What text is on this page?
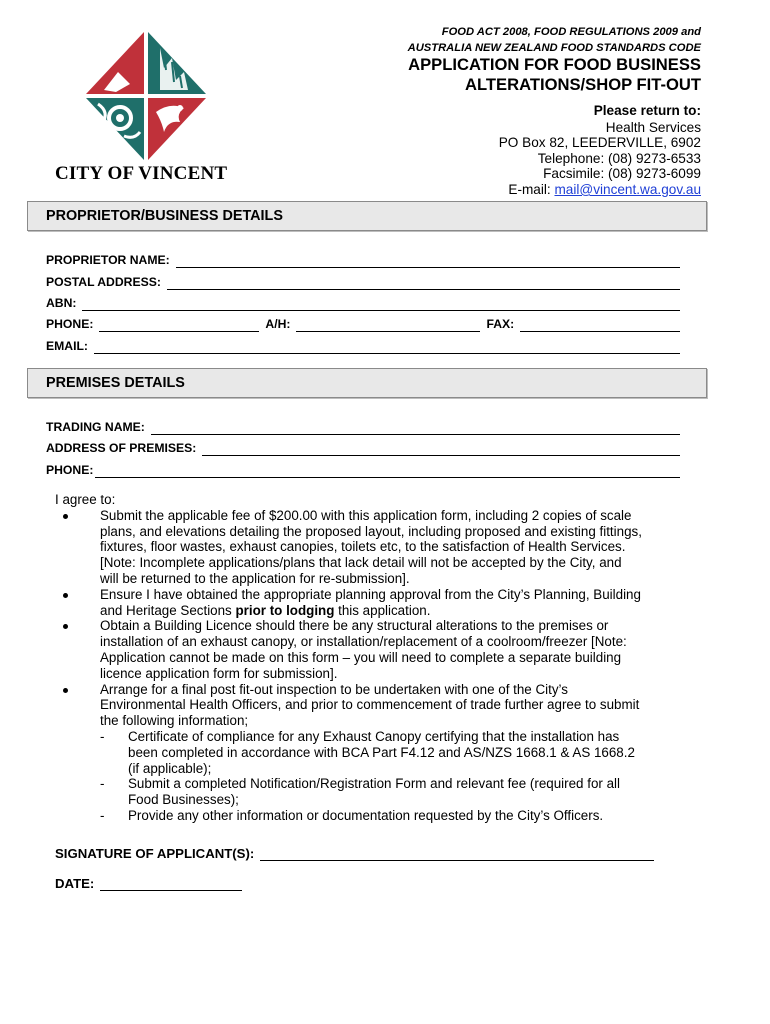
CITY OF VINCENT
FOOD ACT 2008, FOOD REGULATIONS 2009 and
AUSTRALIA NEW ZEALAND FOOD STANDARDS CODE
APPLICATION FOR FOOD BUSINESS
ALTERATIONS/SHOP FIT-OUT
Please return to:
Health Services
PO Box 82, LEEDERVILLE, 6902
Telephone: (08) 9273-6533
Facsimile: (08) 9273-6099
E-mail: mail@vincent.wa.gov.au
PROPRIETOR/BUSINESS DETAILS
PROPRIETOR NAME:
POSTAL ADDRESS:
ABN:
PHONE:	A/H:	FAX:
EMAIL:
PREMISES DETAILS
TRADING NAME:
ADDRESS OF PREMISES:
PHONE:
I agree to:
Submit the applicable fee of $200.00 with this application form, including 2 copies of scale
plans, and elevations detailing the proposed layout, including proposed and existing fittings,
fixtures, floor wastes, exhaust canopies, toilets etc, to the satisfaction of Health Services.
[Note: Incomplete applications/plans that lack detail will not be accepted by the City, and
will be returned to the application for re-submission].
Ensure I have obtained the appropriate planning approval from the City’s Planning, Building
and Heritage Sections prior to lodging this application.
Obtain a Building Licence should there be any structural alterations to the premises or
installation of an exhaust canopy, or installation/replacement of a coolroom/freezer [Note:
Application cannot be made on this form – you will need to complete a separate building
licence application form for submission].
Arrange for a final post fit-out inspection to be undertaken with one of the City’s
Environmental Health Officers, and prior to commencement of trade further agree to submit
the following information;
- Certificate of compliance for any Exhaust Canopy certifying that the installation has
been completed in accordance with BCA Part F4.12 and AS/NZS 1668.1 & AS 1668.2
(if applicable);
- Submit a completed Notification/Registration Form and relevant fee (required for all
Food Businesses);
- Provide any other information or documentation requested by the City’s Officers.
SIGNATURE OF APPLICANT(S):
DATE:
